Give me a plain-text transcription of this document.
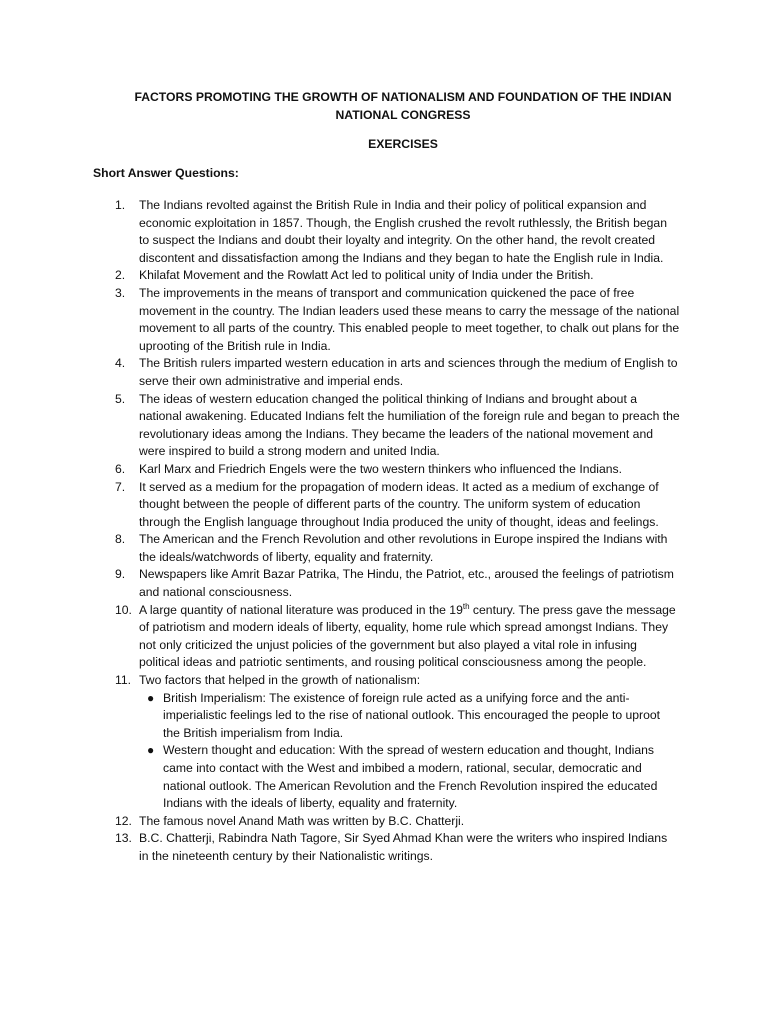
FACTORS PROMOTING THE GROWTH OF NATIONALISM AND FOUNDATION OF THE INDIAN
NATIONAL CONGRESS
EXERCISES
Short Answer Questions:
1. The Indians revolted against the British Rule in India and their policy of political expansion and economic exploitation in 1857. Though, the English crushed the revolt ruthlessly, the British began to suspect the Indians and doubt their loyalty and integrity. On the other hand, the revolt created discontent and dissatisfaction among the Indians and they began to hate the English rule in India.
2. Khilafat Movement and the Rowlatt Act led to political unity of India under the British.
3. The improvements in the means of transport and communication quickened the pace of free movement in the country. The Indian leaders used these means to carry the message of the national movement to all parts of the country. This enabled people to meet together, to chalk out plans for the uprooting of the British rule in India.
4. The British rulers imparted western education in arts and sciences through the medium of English to serve their own administrative and imperial ends.
5. The ideas of western education changed the political thinking of Indians and brought about a national awakening. Educated Indians felt the humiliation of the foreign rule and began to preach the revolutionary ideas among the Indians. They became the leaders of the national movement and were inspired to build a strong modern and united India.
6. Karl Marx and Friedrich Engels were the two western thinkers who influenced the Indians.
7. It served as a medium for the propagation of modern ideas. It acted as a medium of exchange of thought between the people of different parts of the country. The uniform system of education through the English language throughout India produced the unity of thought, ideas and feelings.
8. The American and the French Revolution and other revolutions in Europe inspired the Indians with the ideals/watchwords of liberty, equality and fraternity.
9. Newspapers like Amrit Bazar Patrika, The Hindu, the Patriot, etc., aroused the feelings of patriotism and national consciousness.
10. A large quantity of national literature was produced in the 19th century. The press gave the message of patriotism and modern ideals of liberty, equality, home rule which spread amongst Indians. They not only criticized the unjust policies of the government but also played a vital role in infusing political ideas and patriotic sentiments, and rousing political consciousness among the people.
11. Two factors that helped in the growth of nationalism:
● British Imperialism: The existence of foreign rule acted as a unifying force and the anti-imperialistic feelings led to the rise of national outlook. This encouraged the people to uproot the British imperialism from India.
● Western thought and education: With the spread of western education and thought, Indians came into contact with the West and imbibed a modern, rational, secular, democratic and national outlook. The American Revolution and the French Revolution inspired the educated Indians with the ideals of liberty, equality and fraternity.
12. The famous novel Anand Math was written by B.C. Chatterji.
13. B.C. Chatterji, Rabindra Nath Tagore, Sir Syed Ahmad Khan were the writers who inspired Indians in the nineteenth century by their Nationalistic writings.
